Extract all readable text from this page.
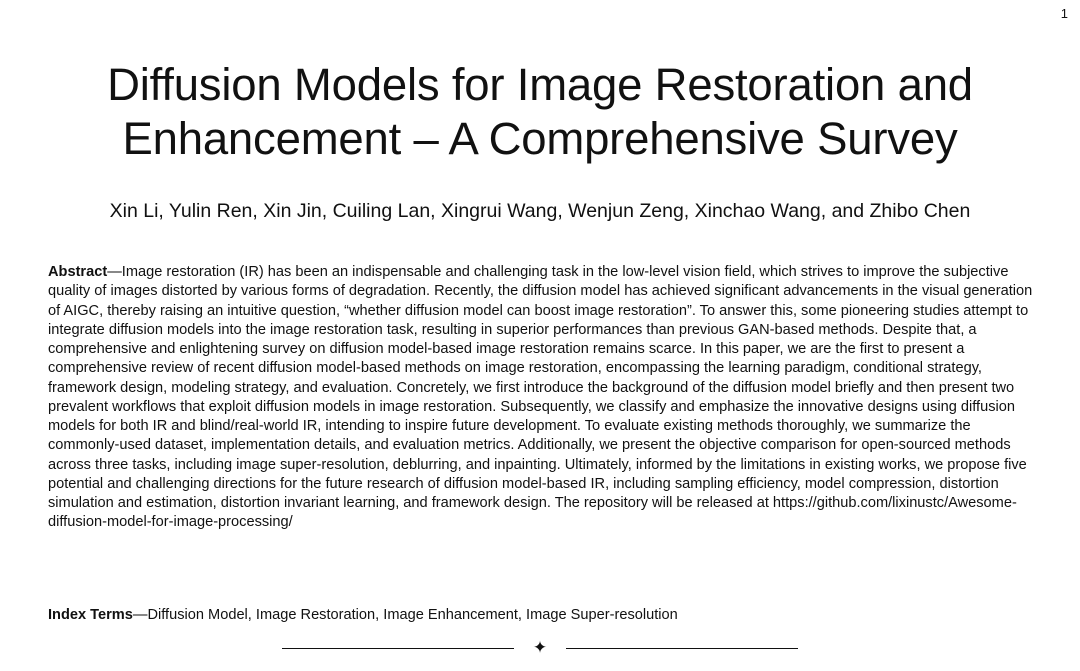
1
Diffusion Models for Image Restoration and
Enhancement – A Comprehensive Survey
Xin Li, Yulin Ren, Xin Jin, Cuiling Lan, Xingrui Wang, Wenjun Zeng, Xinchao Wang, and Zhibo Chen

Abstract—Image restoration (IR) has been an indispensable and challenging task in the low-level vision field, which strives to improve the subjective quality of images distorted by various forms of degradation. Recently, the diffusion model has achieved significant advancements in the visual generation of AIGC, thereby raising an intuitive question, “whether diffusion model can boost image restoration”. To answer this, some pioneering studies attempt to integrate diffusion models into the image restoration task, resulting in superior performances than previous GAN-based methods. Despite that, a comprehensive and enlightening survey on diffusion model-based image restoration remains scarce. In this paper, we are the first to present a comprehensive review of recent diffusion model-based methods on image restoration, encompassing the learning paradigm, conditional strategy, framework design, modeling strategy, and evaluation. Concretely, we first introduce the background of the diffusion model briefly and then present two prevalent workflows that exploit diffusion models in image restoration. Subsequently, we classify and emphasize the innovative designs using diffusion models for both IR and blind/real-world IR, intending to inspire future development. To evaluate existing methods thoroughly, we summarize the commonly-used dataset, implementation details, and evaluation metrics. Additionally, we present the objective comparison for open-sourced methods across three tasks, including image super-resolution, deblurring, and inpainting. Ultimately, informed by the limitations in existing works, we propose five potential and challenging directions for the future research of diffusion model-based IR, including sampling efficiency, model compression, distortion simulation and estimation, distortion invariant learning, and framework design. The repository will be released at https://github.com/lixinustc/Awesome-diffusion-model-for-image-processing/

Index Terms—Diffusion Model, Image Restoration, Image Enhancement, Image Super-resolution

✦
